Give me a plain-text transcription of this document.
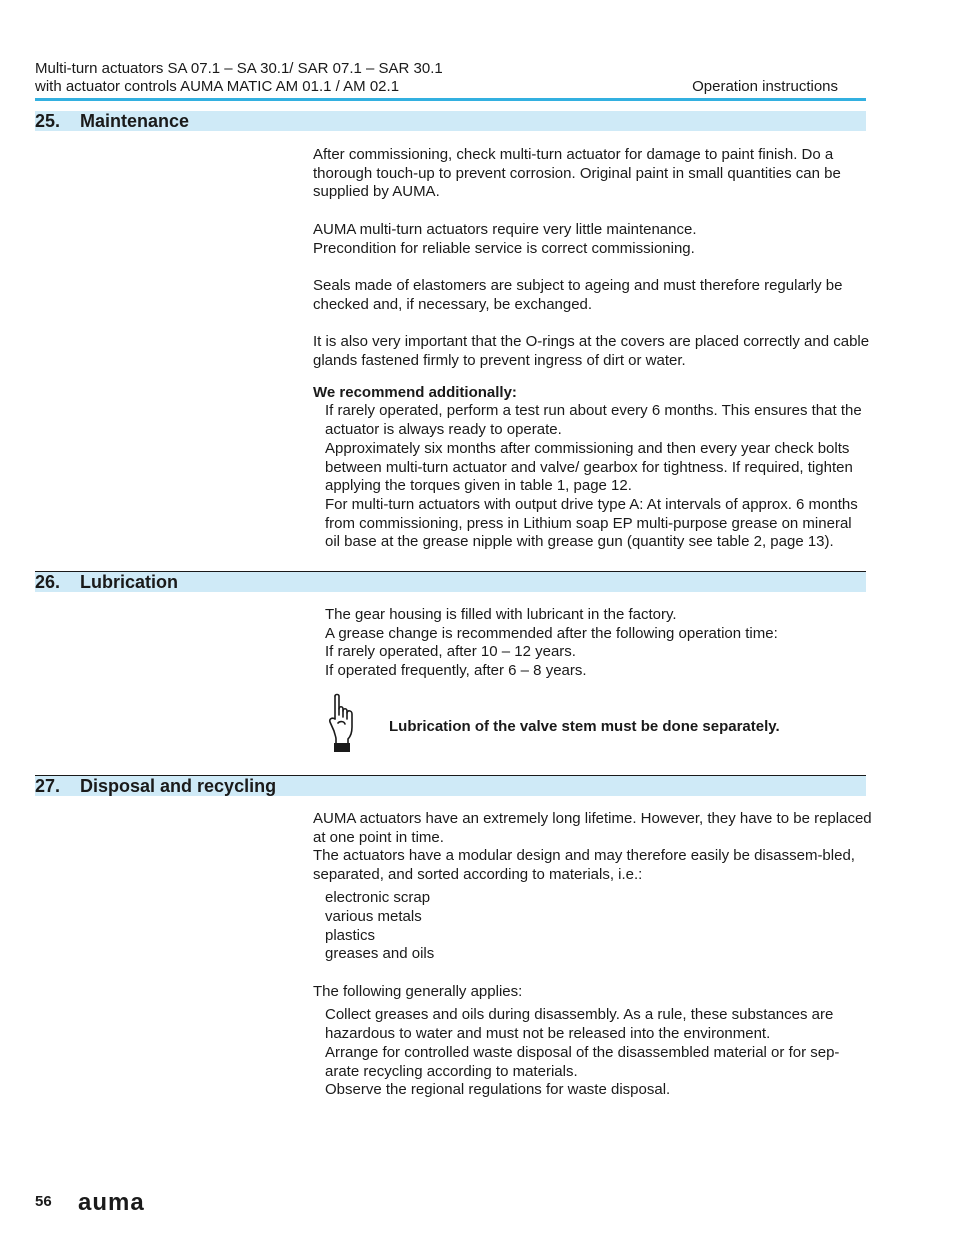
Multi-turn actuators SA 07.1 – SA 30.1/ SAR 07.1 – SAR 30.1
with actuator controls AUMA MATIC AM 01.1 / AM 02.1	Operation instructions
25. Maintenance

After commissioning, check multi-turn actuator for damage to paint finish. Do a thorough touch-up to prevent corrosion. Original paint in small quantities can be supplied by AUMA.

AUMA multi-turn actuators require very little maintenance.
Precondition for reliable service is correct commissioning.

Seals made of elastomers are subject to ageing and must therefore regularly be checked and, if necessary, be exchanged.

It is also very important that the O-rings at the covers are placed correctly and cable glands fastened firmly to prevent ingress of dirt or water.

We recommend additionally:

If rarely operated, perform a test run about every 6 months. This ensures that the actuator is always ready to operate.

Approximately six months after commissioning and then every year check bolts between multi-turn actuator and valve/ gearbox for tightness. If required, tighten applying the torques given in table 1, page 12.

For multi-turn actuators with output drive type A: At intervals of approx. 6 months from commissioning, press in Lithium soap EP multi-purpose grease on mineral oil base at the grease nipple with grease gun (quantity see table 2, page 13).

26. Lubrication

The gear housing is filled with lubricant in the factory.

A grease change is recommended after the following operation time:

If rarely operated, after 10 – 12 years.

If operated frequently, after 6 – 8 years.

Lubrication of the valve stem must be done separately.
27. Disposal and recycling

AUMA actuators have an extremely long lifetime. However, they have to be replaced at one point in time.

The actuators have a modular design and may therefore easily be disassem-bled, separated, and sorted according to materials, i.e.:

electronic scrap

various metals

plastics

greases and oils

The following generally applies:

Collect greases and oils during disassembly. As a rule, these substances are hazardous to water and must not be released into the environment.

Arrange for controlled waste disposal of the disassembled material or for sep-arate recycling according to materials.

Observe the regional regulations for waste disposal.

56 auma
